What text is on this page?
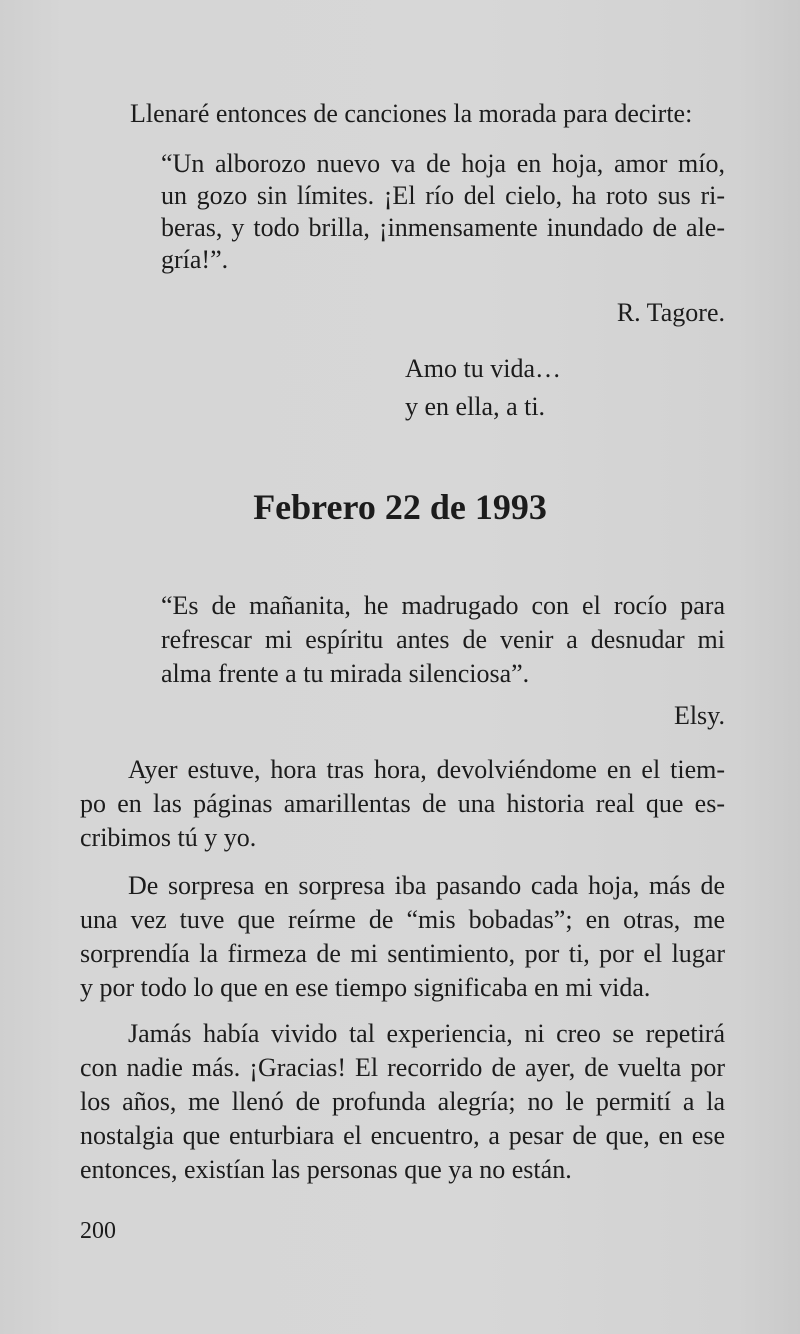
Llenaré entonces de canciones la morada para decirte:
“Un alborozo nuevo va de hoja en hoja, amor mío,
un gozo sin límites. ¡El río del cielo, ha roto sus ri-
beras, y todo brilla, ¡inmensamente inundado de ale-
gría!”.
R. Tagore.
Amo tu vida…
y en ella, a ti.
Febrero 22 de 1993
“Es de mañanita, he madrugado con el rocío para
refrescar mi espíritu antes de venir a desnudar mi
alma frente a tu mirada silenciosa”.
Elsy.
Ayer estuve, hora tras hora, devolviéndome en el tiem-
po en las páginas amarillentas de una historia real que es-
cribimos tú y yo.
De sorpresa en sorpresa iba pasando cada hoja, más de
una vez tuve que reírme de “mis bobadas”; en otras, me
sorprendía la firmeza de mi sentimiento, por ti, por el lugar
y por todo lo que en ese tiempo significaba en mi vida.
Jamás había vivido tal experiencia, ni creo se repetirá
con nadie más. ¡Gracias! El recorrido de ayer, de vuelta por
los años, me llenó de profunda alegría; no le permití a la
nostalgia que enturbiara el encuentro, a pesar de que, en ese
entonces, existían las personas que ya no están.
200
